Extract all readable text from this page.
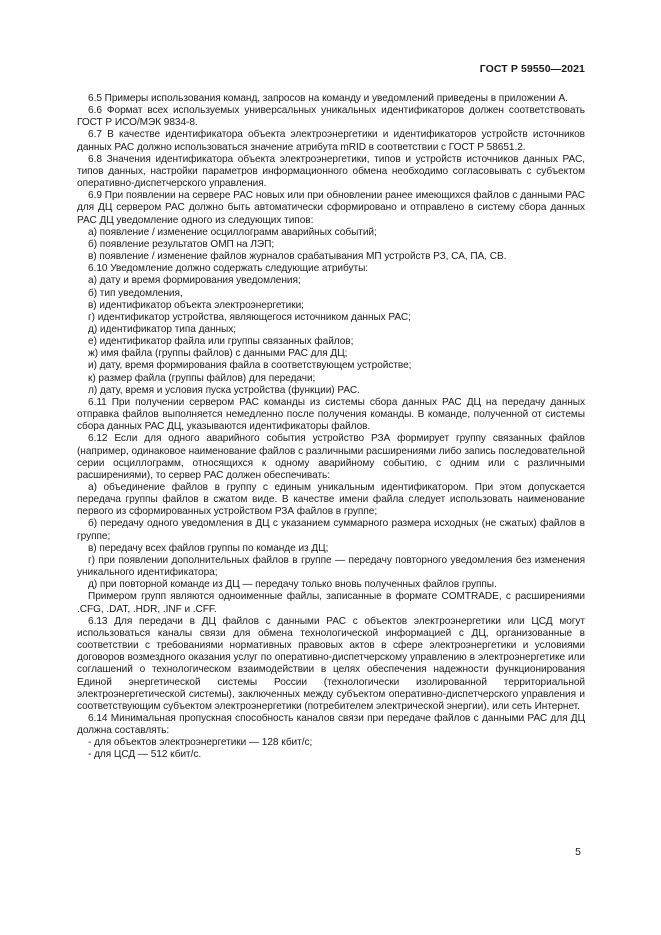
ГОСТ Р 59550—2021

6.5 Примеры использования команд, запросов на команду и уведомлений приведены в приложении А.

6.6 Формат всех используемых универсальных уникальных идентификаторов должен соответствовать ГОСТ Р ИСО/МЭК 9834-8.

6.7 В качестве идентификатора объекта электроэнергетики и идентификаторов устройств источников данных РАС должно использоваться значение атрибута mRID в соответствии с ГОСТ Р 58651.2.

6.8 Значения идентификатора объекта электроэнергетики, типов и устройств источников данных РАС, типов данных, настройки параметров информационного обмена необходимо согласовывать с субъектом оперативно-диспетчерского управления.

6.9 При появлении на сервере РАС новых или при обновлении ранее имеющихся файлов с данными РАС для ДЦ сервером РАС должно быть автоматически сформировано и отправлено в систему сбора данных РАС ДЦ уведомление одного из следующих типов:

а) появление / изменение осциллограмм аварийных событий;

б) появление результатов ОМП на ЛЭП;

в) появление / изменение файлов журналов срабатывания МП устройств РЗ, СА, ПА, СВ.

6.10 Уведомление должно содержать следующие атрибуты:

а) дату и время формирования уведомления;

б) тип уведомления,

в) идентификатор объекта электроэнергетики;

г) идентификатор устройства, являющегося источником данных РАС;

д) идентификатор типа данных;

е) идентификатор файла или группы связанных файлов;

ж) имя файла (группы файлов) с данными РАС для ДЦ;

и) дату, время формирования файла в соответствующем устройстве;

к) размер файла (группы файлов) для передачи;

л) дату, время и условия пуска устройства (функции) РАС.

6.11 При получении сервером РАС команды из системы сбора данных РАС ДЦ на передачу данных отправка файлов выполняется немедленно после получения команды. В команде, полученной от системы сбора данных РАС ДЦ, указываются идентификаторы файлов.

6.12 Если для одного аварийного события устройство РЗА формирует группу связанных файлов (например, одинаковое наименование файлов с различными расширениями либо запись последовательной серии осциллограмм, относящихся к одному аварийному событию, с одним или с различными расширениями), то сервер РАС должен обеспечивать:

а) объединение файлов в группу с единым уникальным идентификатором. При этом допускается передача группы файлов в сжатом виде. В качестве имени файла следует использовать наименование первого из сформированных устройством РЗА файлов в группе;

б) передачу одного уведомления в ДЦ с указанием суммарного размера исходных (не сжатых) файлов в группе;

в) передачу всех файлов группы по команде из ДЦ;

г) при появлении дополнительных файлов в группе — передачу повторного уведомления без изменения уникального идентификатора;

д) при повторной команде из ДЦ — передачу только вновь полученных файлов группы.

Примером групп являются одноименные файлы, записанные в формате COMTRADE, с расширениями .CFG, .DAT, .HDR, .INF и .CFF.

6.13 Для передачи в ДЦ файлов с данными РАС с объектов электроэнергетики или ЦСД могут использоваться каналы связи для обмена технологической информацией с ДЦ, организованные в соответствии с требованиями нормативных правовых актов в сфере электроэнергетики и условиями договоров возмездного оказания услуг по оперативно-диспетчерскому управлению в электроэнергетике или соглашений о технологическом взаимодействии в целях обеспечения надежности функционирования Единой энергетической системы России (технологически изолированной территориальной электроэнергетической системы), заключенных между субъектом оперативно-диспетчерского управления и соответствующим субъектом электроэнергетики (потребителем электрической энергии), или сеть Интернет.

6.14 Минимальная пропускная способность каналов связи при передаче файлов с данными РАС для ДЦ должна составлять:

- для объектов электроэнергетики — 128 кбит/с;

- для ЦСД — 512 кбит/с.

5
